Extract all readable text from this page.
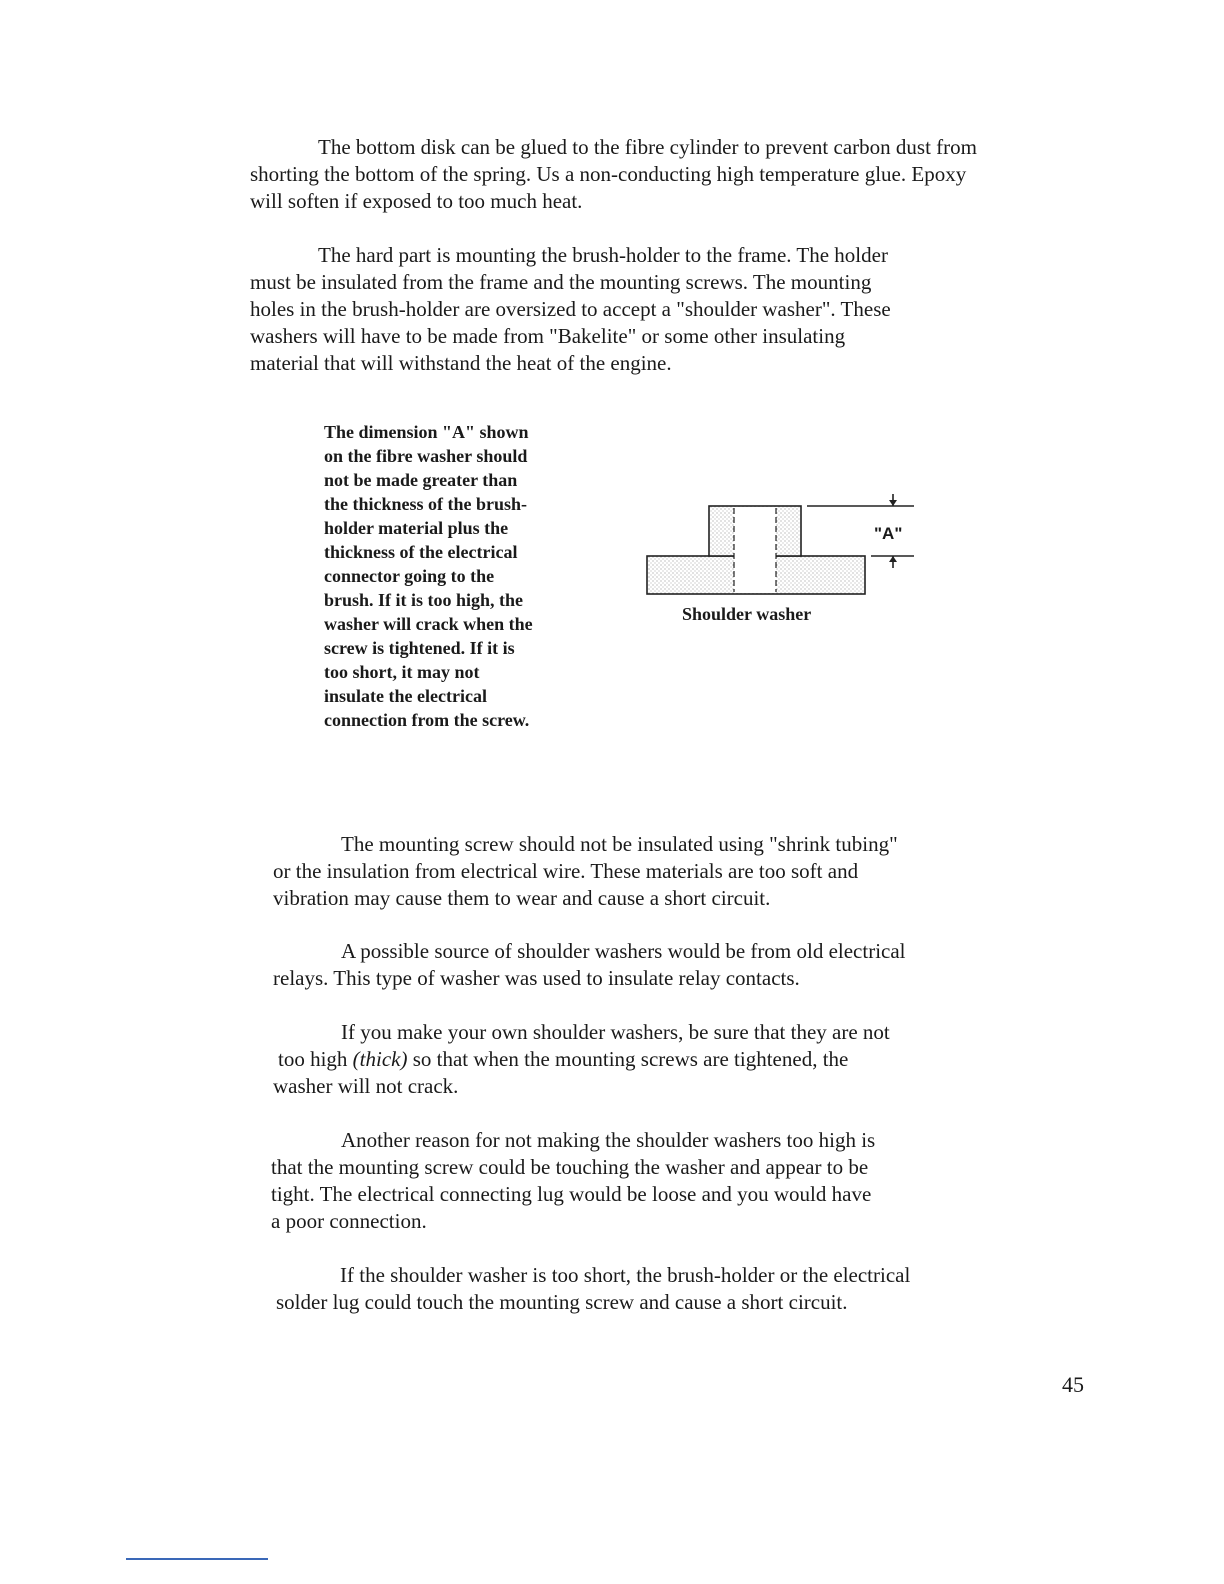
The bottom disk can be glued to the fibre cylinder to prevent carbon dust from
shorting the bottom of the spring. Us a non-conducting high temperature glue. Epoxy
will soften if exposed to too much heat.
The hard part is mounting the brush-holder to the frame. The holder
must be insulated from the frame and the mounting screws. The mounting
holes in the brush-holder are oversized to accept a "shoulder washer". These
washers will have to be made from "Bakelite" or some other insulating
material that will withstand the heat of the engine.
The dimension "A" shown
on the fibre washer should
not be made greater than
the thickness of the brush-
holder material plus the
thickness of the electrical
connector going to the
brush. If it is too high, the
washer will crack when the
screw is tightened. If it is
too short, it may not
insulate the electrical
connection from the screw.
"A"
Shoulder washer
The mounting screw should not be insulated using "shrink tubing"
or the insulation from electrical wire. These materials are too soft and
vibration may cause them to wear and cause a short circuit.
A possible source of shoulder washers would be from old electrical
relays. This type of washer was used to insulate relay contacts.
If you make your own shoulder washers, be sure that they are not
too high (thick) so that when the mounting screws are tightened, the
washer will not crack.
Another reason for not making the shoulder washers too high is
that the mounting screw could be touching the washer and appear to be
tight. The electrical connecting lug would be loose and you would have
a poor connection.
If the shoulder washer is too short, the brush-holder or the electrical
solder lug could touch the mounting screw and cause a short circuit.
45
